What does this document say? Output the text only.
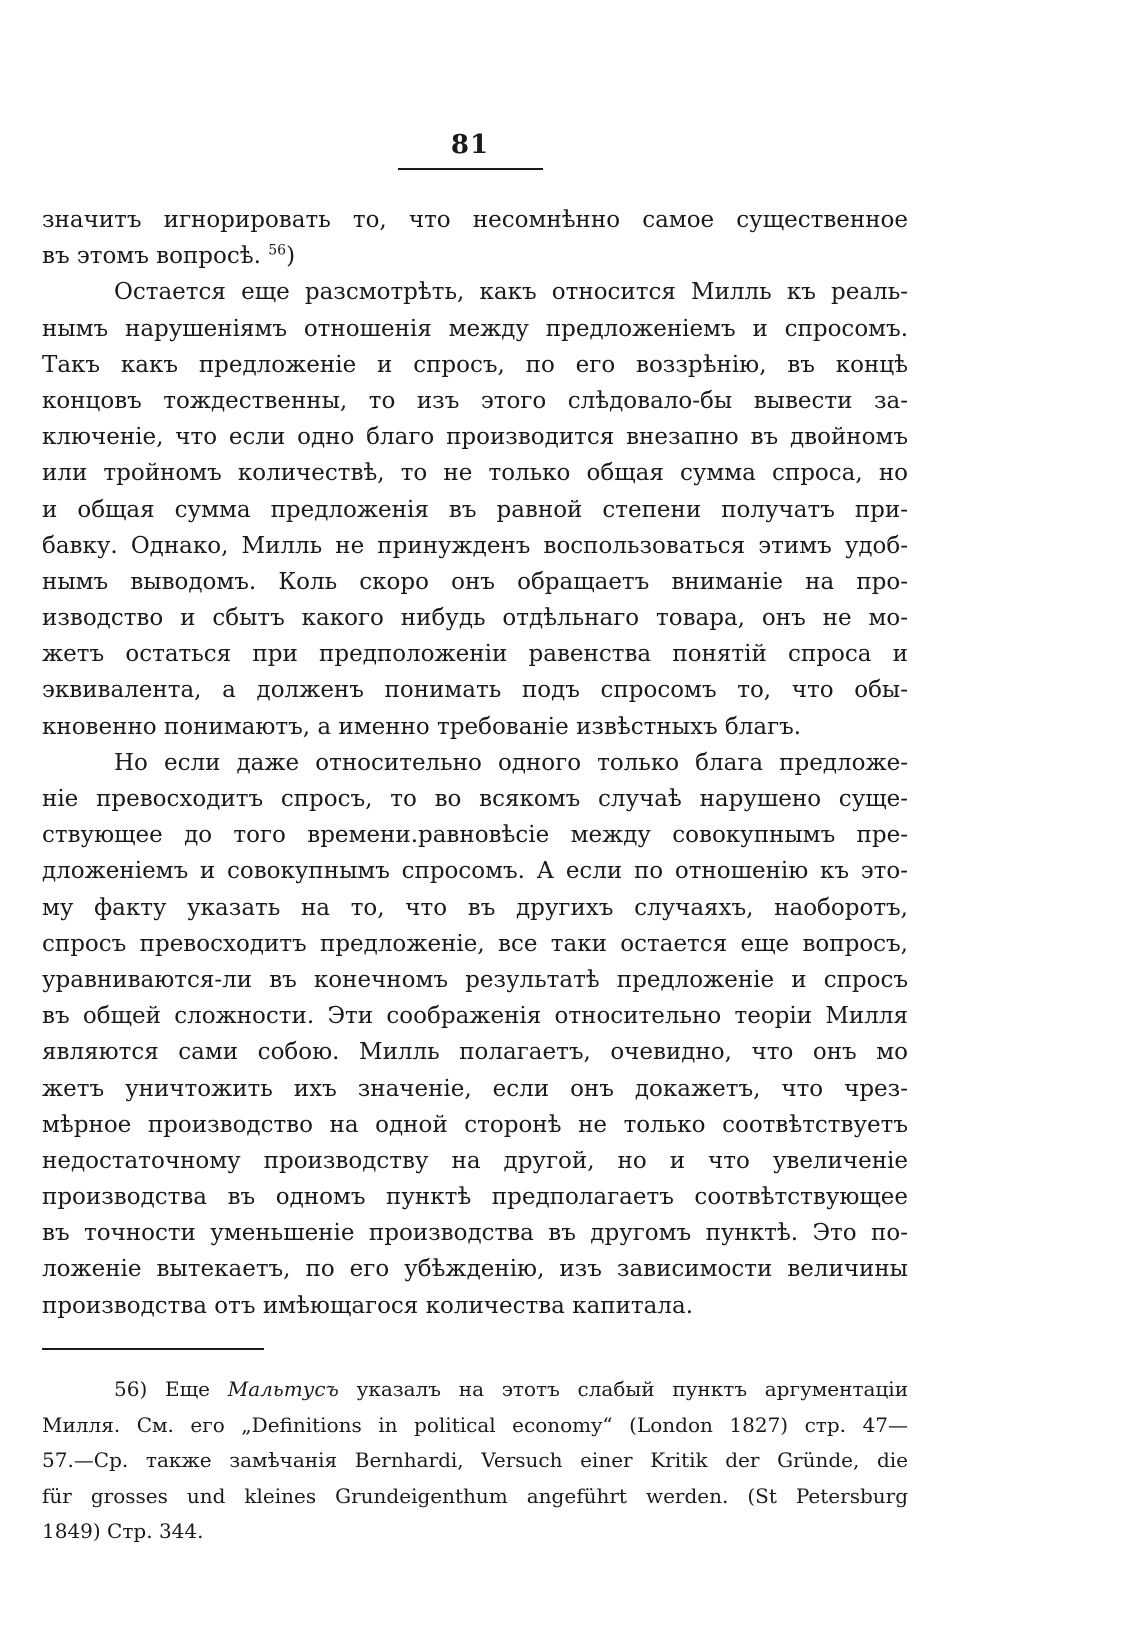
81
значитъ игнорировать то, что несомнѣнно самое существенное
въ этомъ вопросѣ. $^{56}$)
Остается еще разсмотрѣть, какъ относится Милль къ реаль-
нымъ нарушеніямъ отношенія между предложеніемъ и спросомъ.
Такъ какъ предложеніе и спросъ, по его воззрѣнію, въ концѣ
концовъ тождественны, то изъ этого слѣдовало-бы вывести за-
ключеніе, что если одно благо производится внезапно въ двойномъ
или тройномъ количествѣ, то не только общая сумма спроса, но
и общая сумма предложенія въ равной степени получатъ при-
бавку. Однако, Милль не принужденъ воспользоваться этимъ удоб-
нымъ выводомъ. Коль скоро онъ обращаетъ вниманіе на про-
изводство и сбытъ какого нибудь отдѣльнаго товара, онъ не мо-
жетъ остаться при предположеніи равенства понятій спроса и
эквивалента, а долженъ понимать подъ спросомъ то, что обы-
кновенно понимаютъ, а именно требованіе извѣстныхъ благъ.
Но если даже относительно одного только блага предложе-
ніе превосходитъ спросъ, то во всякомъ случаѣ нарушено суще-
ствующее до того времени.равновѣсіе между совокупнымъ пре-
дложеніемъ и совокупнымъ спросомъ. А если по отношенію къ это-
му факту указать на то, что въ другихъ случаяхъ, наоборотъ,
спросъ превосходитъ предложеніе, все таки остается еще вопросъ,
уравниваются-ли въ конечномъ результатѣ предложеніе и спросъ
въ общей сложности. Эти соображенія относительно теоріи Милля
являются сами собою. Милль полагаетъ, очевидно, что онъ мо
жетъ уничтожить ихъ значеніе, если онъ докажетъ, что чрез-
мѣрное производство на одной сторонѣ не только соотвѣтствуетъ
недостаточному производству на другой, но и что увеличеніе
производства въ одномъ пунктѣ предполагаетъ соотвѣтствующее
въ точности уменьшеніе производства въ другомъ пунктѣ. Это по-
ложеніе вытекаетъ, по его убѣжденію, изъ зависимости величины
производства отъ имѣющагося количества капитала.
56) Еще Мальтусъ указалъ на этотъ слабый пунктъ аргументаціи
Милля. См. его „Definitions in political economy“ (London 1827) стр. 47—
57.—Ср. также замѣчанія Bernhardi, Versuch einer Kritik der Gründe, die
für grosses und kleines Grundeigenthum angeführt werden. (St Petersburg
1849) Стр. 344.
